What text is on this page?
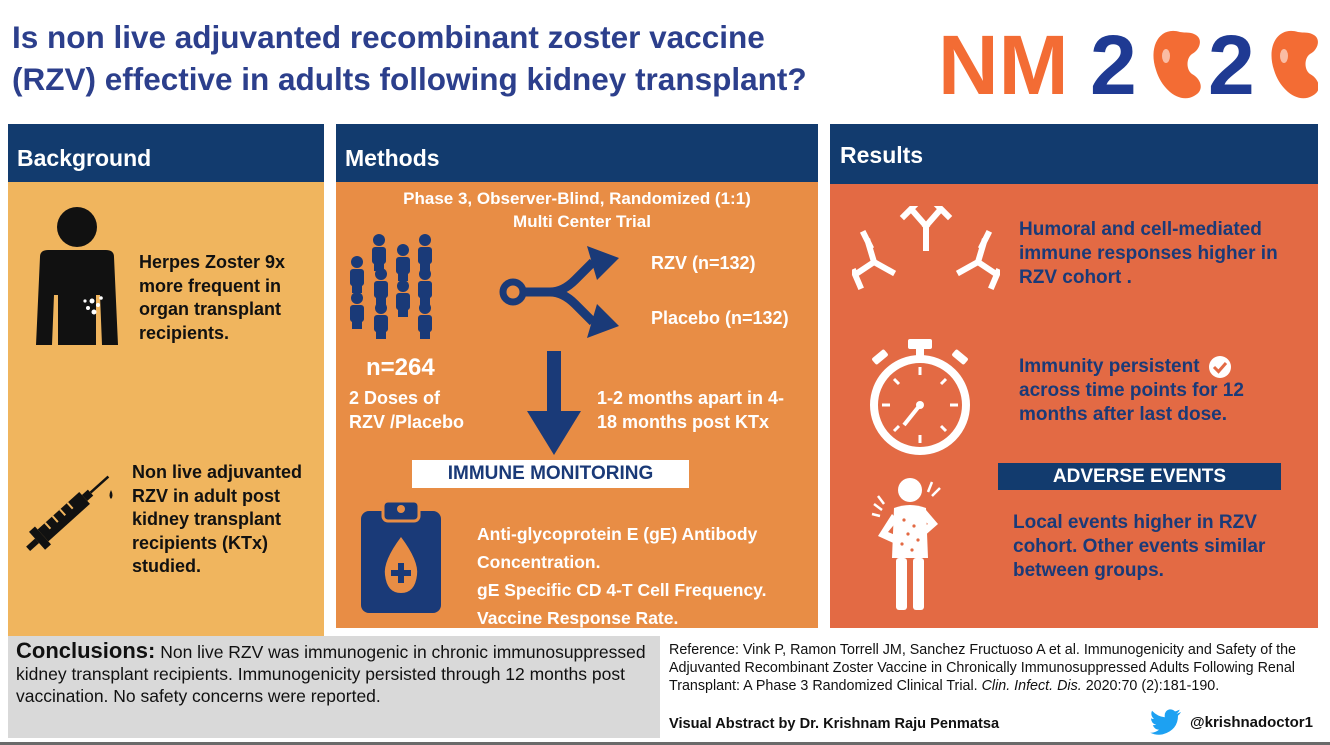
Is non live adjuvanted recombinant zoster vaccine
(RZV) effective in adults following kidney transplant?	NM 2 2
Background
Herpes Zoster 9x
more frequent in
organ transplant
recipients.
Non live adjuvanted
RZV in adult post
kidney transplant
recipients (KTx)
studied.
Methods
Phase 3, Observer-Blind, Randomized (1:1)
Multi Center Trial
RZV (n=132)
Placebo (n=132)
n=264
2 Doses of
RZV /Placebo
1-2 months apart in 4-
18 months post KTx
IMMUNE MONITORING
Anti-glycoprotein E (gE) Antibody
Concentration.
gE Specific CD 4-T Cell Frequency.
Vaccine Response Rate.
Results
Humoral and cell-mediated
immune responses higher in
RZV cohort .
Immunity persistent
across time points for 12
months after last dose.
ADVERSE EVENTS
Local events higher in RZV
cohort. Other events similar
between groups.
Conclusions: Non live RZV was immunogenic in chronic immunosuppressed kidney transplant recipients. Immunogenicity persisted through 12 months post vaccination. No safety concerns were reported.
Reference: Vink P, Ramon Torrell JM, Sanchez Fructuoso A et al. Immunogenicity and Safety of the Adjuvanted Recombinant Zoster Vaccine in Chronically Immunosuppressed Adults Following Renal Transplant: A Phase 3 Randomized Clinical Trial. Clin. Infect. Dis. 2020:70 (2):181-190.
Visual Abstract by Dr. Krishnam Raju Penmatsa	@krishnadoctor1
